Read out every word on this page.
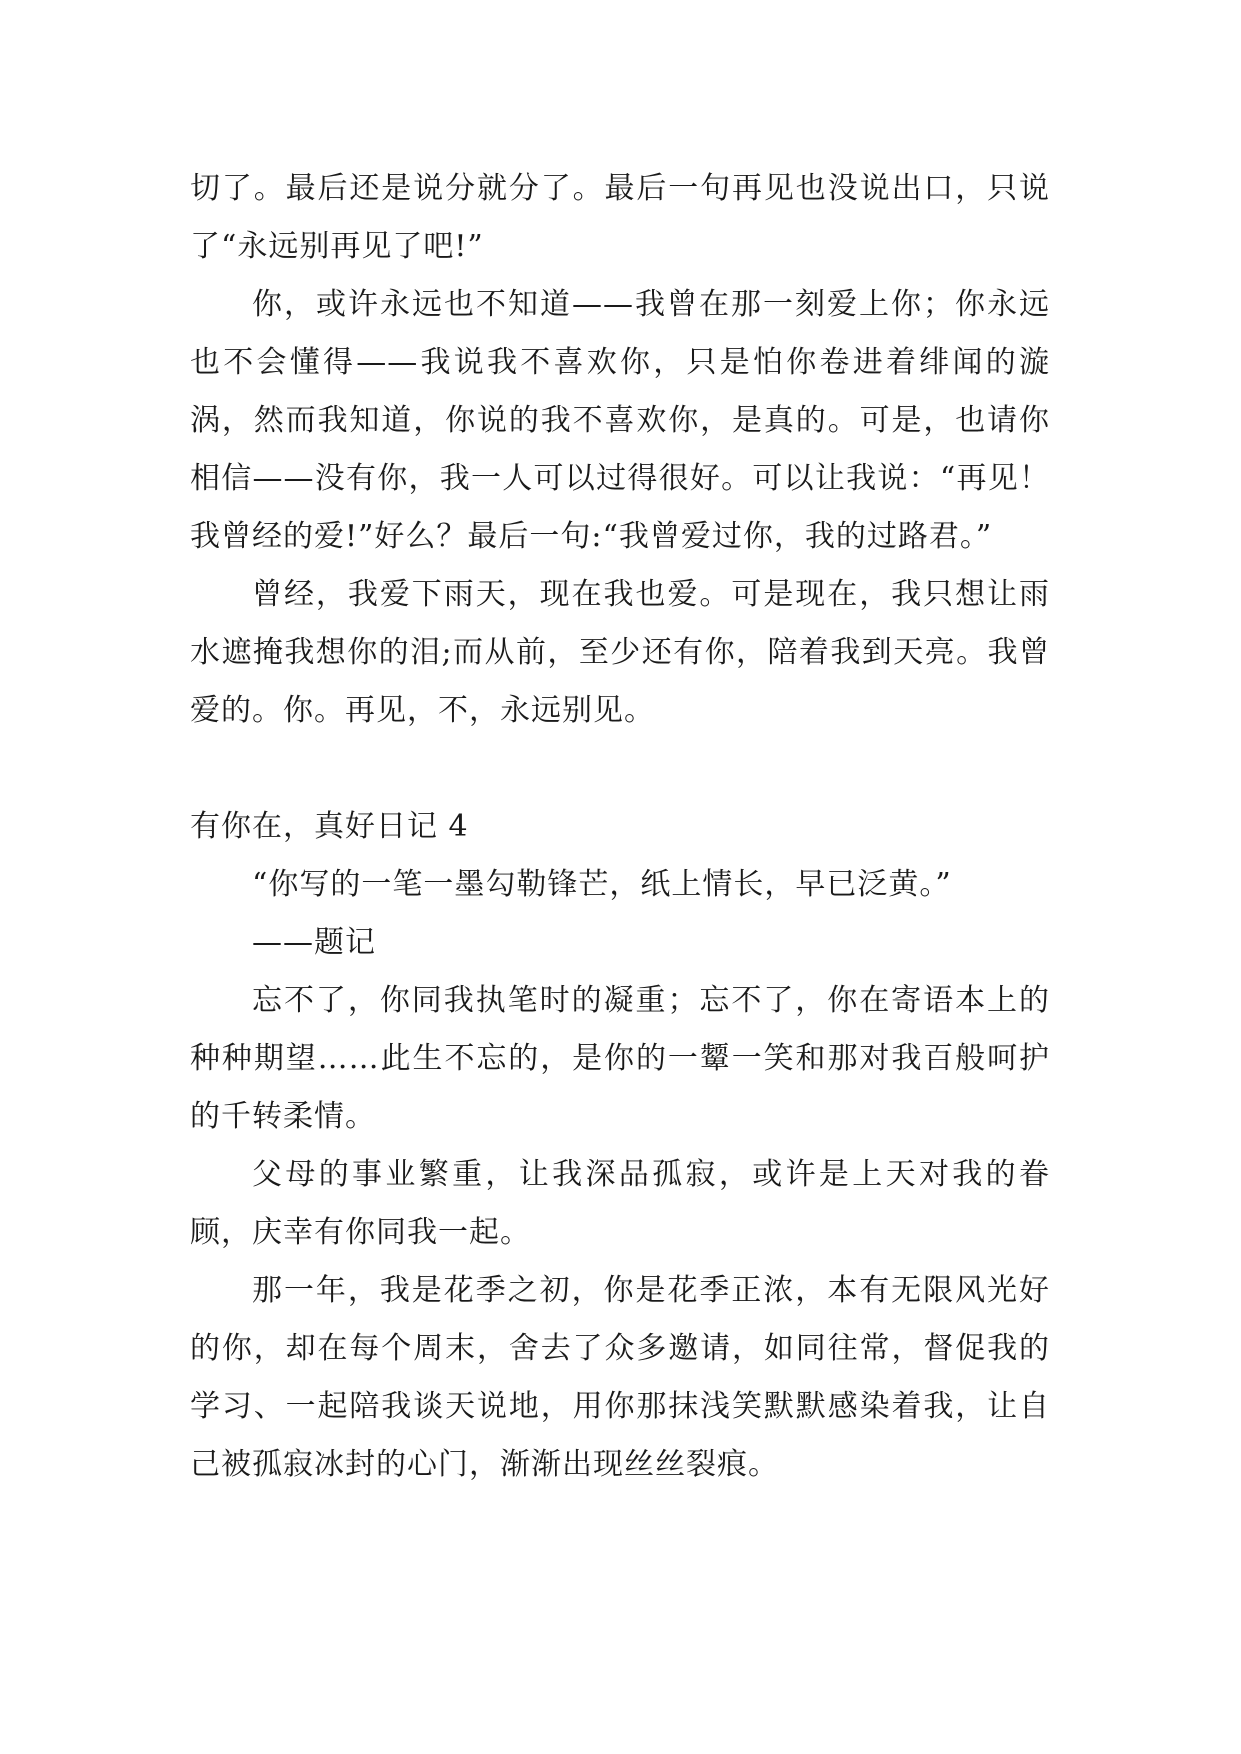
切了。最后还是说分就分了。最后一句再见也没说出口，只说了“永远别再见了吧!”

你，或许永远也不知道——我曾在那一刻爱上你；你永远也不会懂得——我说我不喜欢你，只是怕你卷进着绯闻的漩涡，然而我知道，你说的我不喜欢你，是真的。可是，也请你相信——没有你，我一人可以过得很好。可以让我说：“再见！我曾经的爱!”好么？最后一句:“我曾爱过你，我的过路君。”

曾经，我爱下雨天，现在我也爱。可是现在，我只想让雨水遮掩我想你的泪;而从前，至少还有你，陪着我到天亮。我曾爱的。你。再见，不，永远别见。

有你在，真好日记 4

“你写的一笔一墨勾勒锋芒，纸上情长，早已泛黄。”

——题记

忘不了，你同我执笔时的凝重；忘不了，你在寄语本上的种种期望……此生不忘的，是你的一颦一笑和那对我百般呵护的千转柔情。

父母的事业繁重，让我深品孤寂，或许是上天对我的眷顾，庆幸有你同我一起。

那一年，我是花季之初，你是花季正浓，本有无限风光好的你，却在每个周末，舍去了众多邀请，如同往常，督促我的学习、一起陪我谈天说地，用你那抹浅笑默默感染着我，让自己被孤寂冰封的心门，渐渐出现丝丝裂痕。
